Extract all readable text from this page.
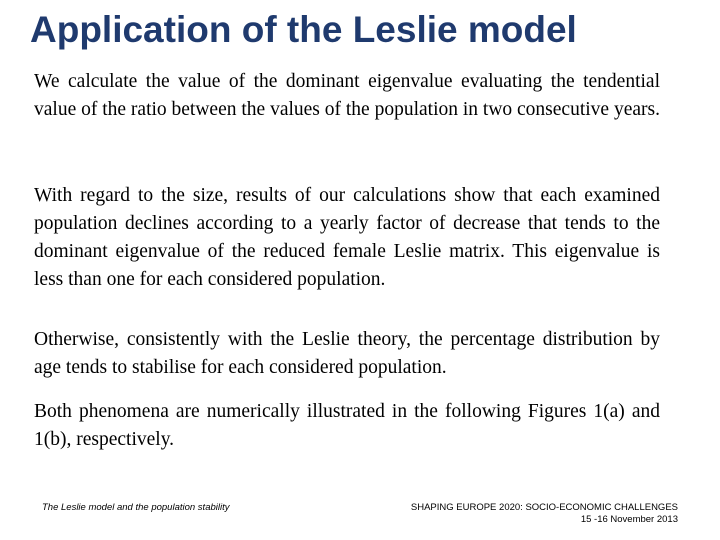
Application of the Leslie model

We calculate the value of the dominant eigenvalue evaluating the tendential value of the ratio between the values of the population in two consecutive years.

With regard to the size, results of our calculations show that each examined population declines according to a yearly factor of decrease that tends to the dominant eigenvalue of the reduced female Leslie matrix. This eigenvalue is less than one for each considered population.

Otherwise, consistently with the Leslie theory, the percentage distribution by age tends to stabilise for each considered population.

Both phenomena are numerically illustrated in the following Figures 1(a) and 1(b), respectively.

The Leslie model and the population stability	SHAPING EUROPE 2020: SOCIO-ECONOMIC CHALLENGES
15 -16 November 2013
